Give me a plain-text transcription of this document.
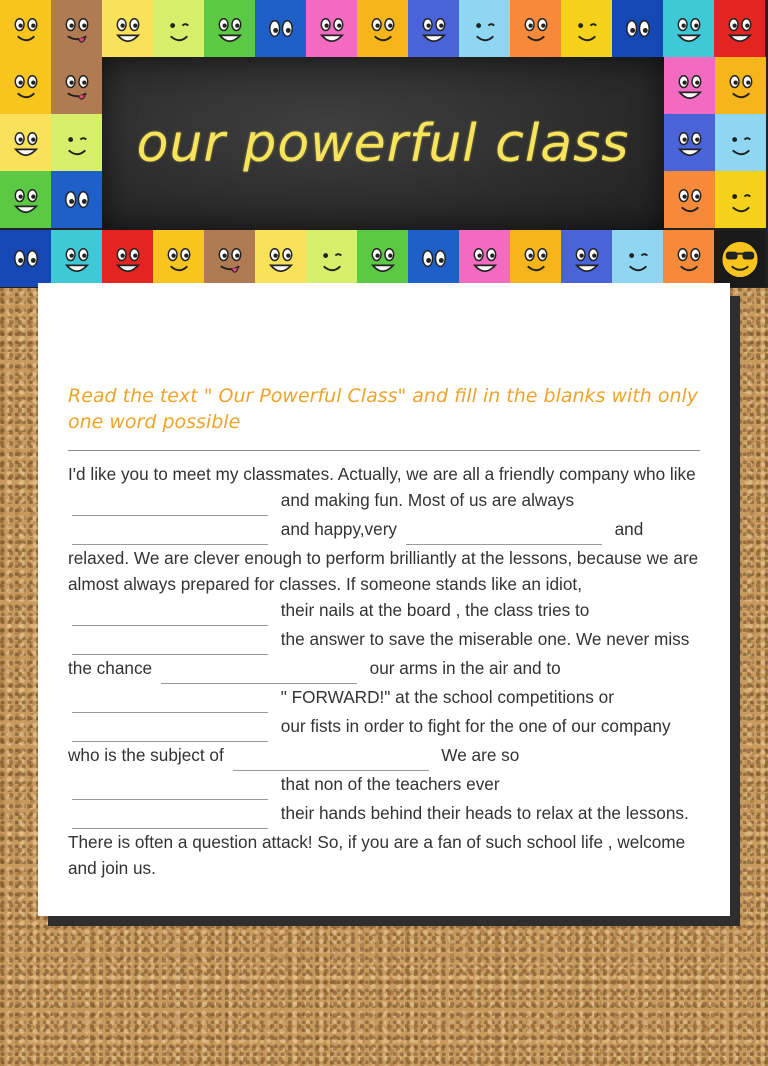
our powerful class
Read the text " Our Powerful Class" and fill in the blanks with only one word possible
I'd like you to meet my classmates. Actually, we are all a friendly company who like  and making fun. Most of us are always  and happy,very	and relaxed. We are clever enough to perform brilliantly at the lessons, because we are almost always prepared for classes. If someone stands like an idiot,  their nails at the board , the class tries to  the answer to save the miserable one. We never miss the chance	our arms in the air and to  " FORWARD!" at the school competitions or  our fists in order to fight for the one of our company who is the subject of	We are so  that non of the teachers ever  their hands behind their heads to relax at the lessons. There is often a question attack! So, if you are a fan of such school life , welcome and join us.
